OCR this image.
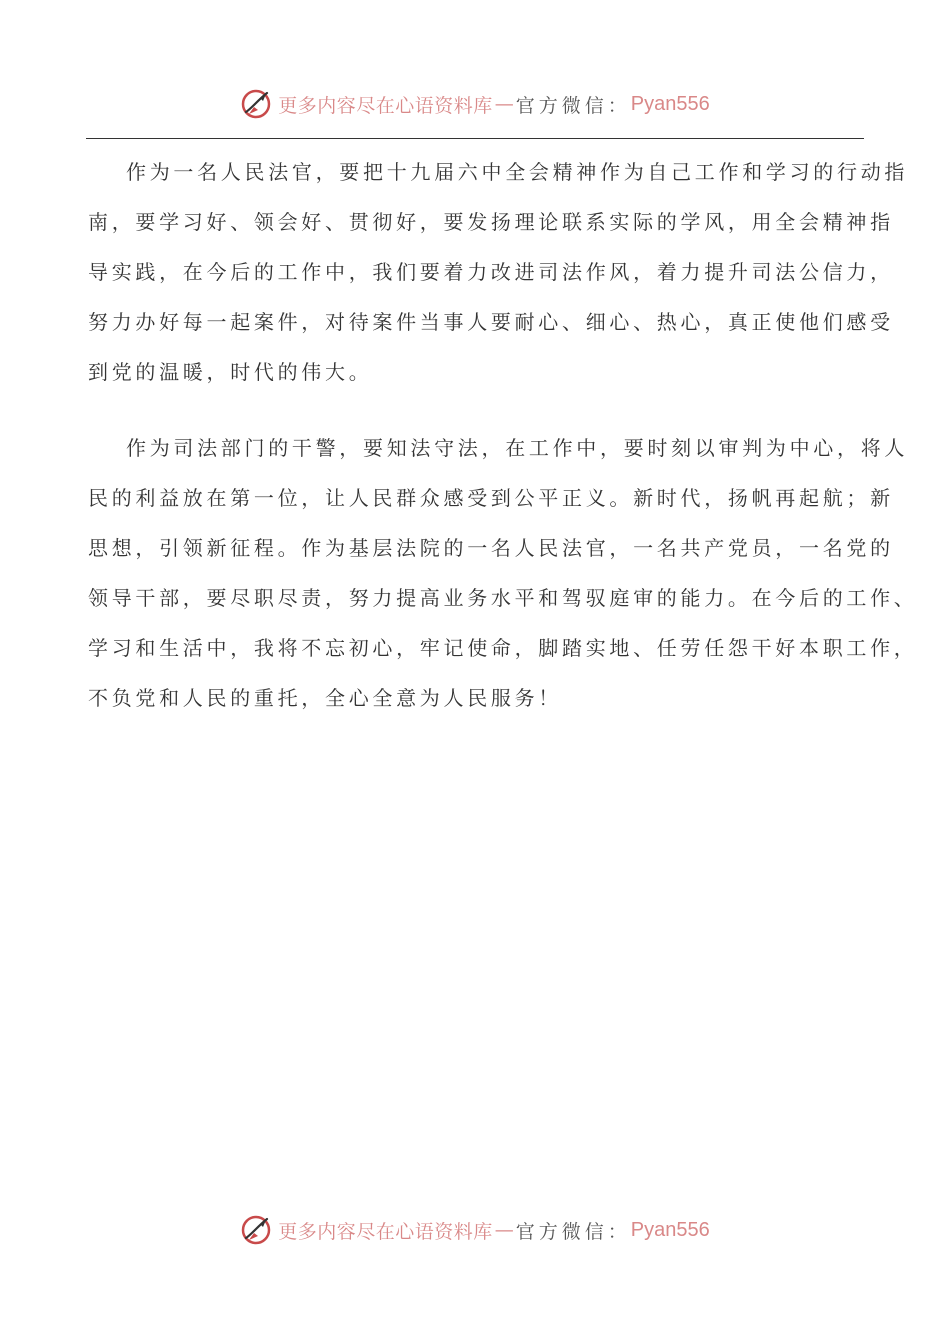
更多内容尽在心语资料库 — 官方微信： Pyan556
作为一名人民法官，要把十九届六中全会精神作为自己工作和学习的行动指
南，要学习好、领会好、贯彻好，要发扬理论联系实际的学风，用全会精神指
导实践，在今后的工作中，我们要着力改进司法作风，着力提升司法公信力，
努力办好每一起案件，对待案件当事人要耐心、细心、热心，真正使他们感受
到党的温暖，时代的伟大。
作为司法部门的干警，要知法守法，在工作中，要时刻以审判为中心，将人
民的利益放在第一位，让人民群众感受到公平正义。新时代，扬帆再起航；新
思想，引领新征程。作为基层法院的一名人民法官，一名共产党员，一名党的
领导干部，要尽职尽责，努力提高业务水平和驾驭庭审的能力。在今后的工作、
学习和生活中，我将不忘初心，牢记使命，脚踏实地、任劳任怨干好本职工作，
不负党和人民的重托，全心全意为人民服务！
更多内容尽在心语资料库 — 官方微信： Pyan556
